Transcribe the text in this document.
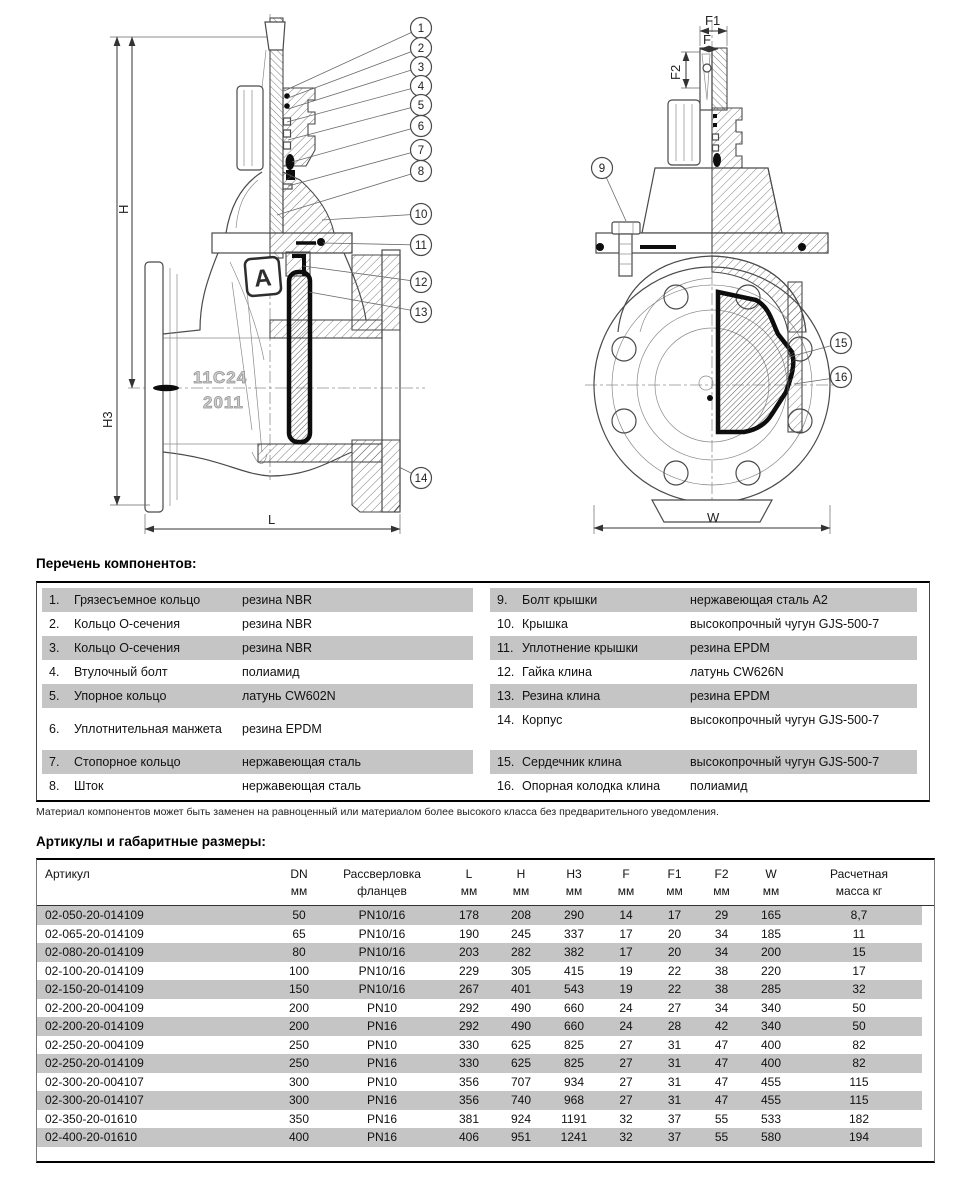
A
11C24
2011
H3
H
L
1
2
3
4
5
6
7
8
10
11
12
13
14
F1
F
F2
W
9
15
16
Перечень компонентов:
1.	Грязесъемное кольцо	резина NBR
2.	Кольцо О-сечения	резина NBR
3.	Кольцо О-сечения	резина NBR
4.	Втулочный болт	полиамид
5.	Упорное кольцо	латунь CW602N
6.	Уплотнительная манжета	резина EPDM
7.	Стопорное кольцо	нержавеющая сталь
8.	Шток	нержавеющая сталь
9.	Болт крышки	нержавеющая сталь A2
10. Крышка	высокопрочный чугун GJS-500-7
11. Уплотнение крышки	резина EPDM
12. Гайка клина	латунь CW626N
13. Резина клина	резина EPDM
14. Корпус	высокопрочный чугун GJS-500-7
15. Сердечник клина	высокопрочный чугун GJS-500-7
16. Опорная колодка клина	полиамид
Материал компонентов может быть заменен на равноценный или материалом более высокого класса без предварительного уведомления.
Артикулы и габаритные размеры:
Артикул	DN	Рассверловка	L	H	H3	F	F1	F2	W	Расчетная
мм	фланцев	мм	мм	мм	мм	мм	мм	мм	масса кг
02-050-20-014109	50	PN10/16	178	208	290	14	17	29	165	8,7
02-065-20-014109	65	PN10/16	190	245	337	17	20	34	185	11
02-080-20-014109	80	PN10/16	203	282	382	17	20	34	200	15
02-100-20-014109	100	PN10/16	229	305	415	19	22	38	220	17
02-150-20-014109	150	PN10/16	267	401	543	19	22	38	285	32
02-200-20-004109	200	PN10	292	490	660	24	27	34	340	50
02-200-20-014109	200	PN16	292	490	660	24	28	42	340	50
02-250-20-004109	250	PN10	330	625	825	27	31	47	400	82
02-250-20-014109	250	PN16	330	625	825	27	31	47	400	82
02-300-20-004107	300	PN10	356	707	934	27	31	47	455	115
02-300-20-014107	300	PN16	356	740	968	27	31	47	455	115
02-350-20-01610	350	PN16	381	924	1191	32	37	55	533	182
02-400-20-01610	400	PN16	406	951	1241	32	37	55	580	194
